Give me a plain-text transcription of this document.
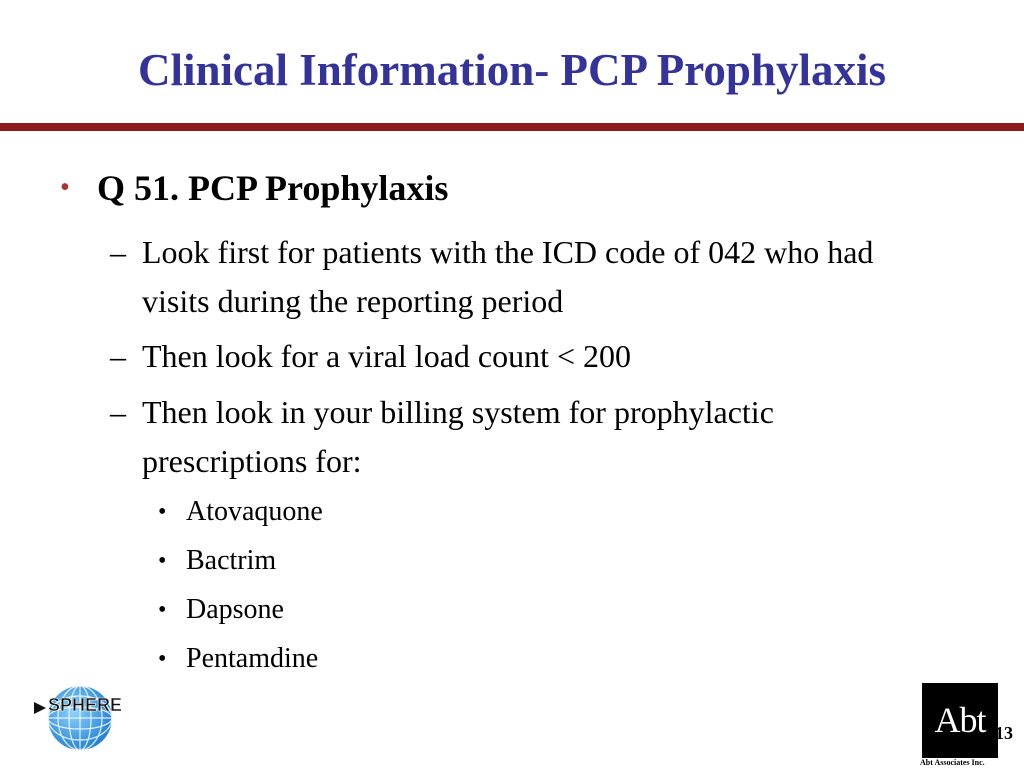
Clinical Information- PCP Prophylaxis
• Q 51. PCP Prophylaxis
– Look first for patients with the ICD code of 042 who had visits during the reporting period
– Then look for a viral load count < 200
– Then look in your billing system for prophylactic prescriptions for:
• Atovaquone
• Bactrim
• Dapsone
• Pentamdine
SPHERE	Abt
Abt Associates Inc.
13
